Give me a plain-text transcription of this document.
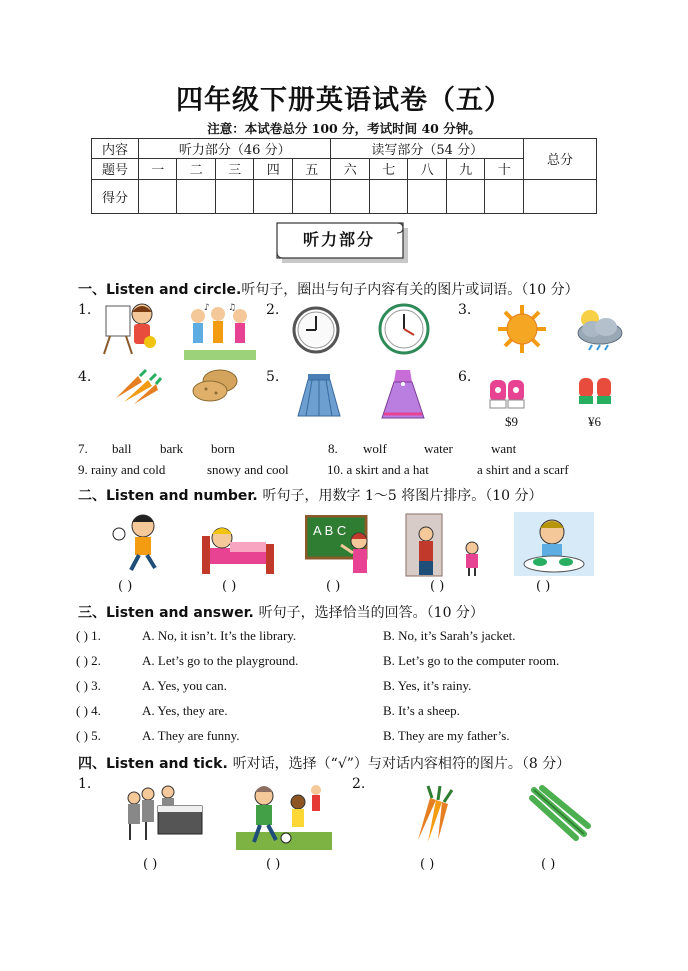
四年级下册英语试卷（五）
注意：本试卷总分 100 分，考试时间 40 分钟。
内容	听力部分（46 分）					读写部分（54 分）					总分
题号	一	二	三	四	五	六	七	八	九	十	
得分											
听力部分
一、Listen and circle.听句子，圈出与句子内容有关的图片或词语。（10 分）
1.	2.	3.
4.	5.	6.
♪ ♫
$9	¥6
7. ball bark born	8. wolf	water	want
9. rainy and cold	snowy and cool	10. a skirt and a hat	a shirt and a scarf
二、Listen and number. 听句子，用数字 1～5 将图片排序。（10 分）
A B C
( )	( )	( )	( )	( )
三、Listen and answer. 听句子，选择恰当的回答。（10 分）
( ) 1.	A. No, it isn’t. It’s the library.	B. No, it’s Sarah’s jacket.
( ) 2.	A. Let’s go to the playground.	B. Let’s go to the computer room.
( ) 3.	A. Yes, you can.	B. Yes, it’s rainy.
( ) 4.	A. Yes, they are.	B. It’s a sheep.
( ) 5.	A. They are funny.	B. They are my father’s.
四、Listen and tick. 听对话，选择（“√”）与对话内容相符的图片。（8 分）
1.	2.
( )	( )	( )	( )
